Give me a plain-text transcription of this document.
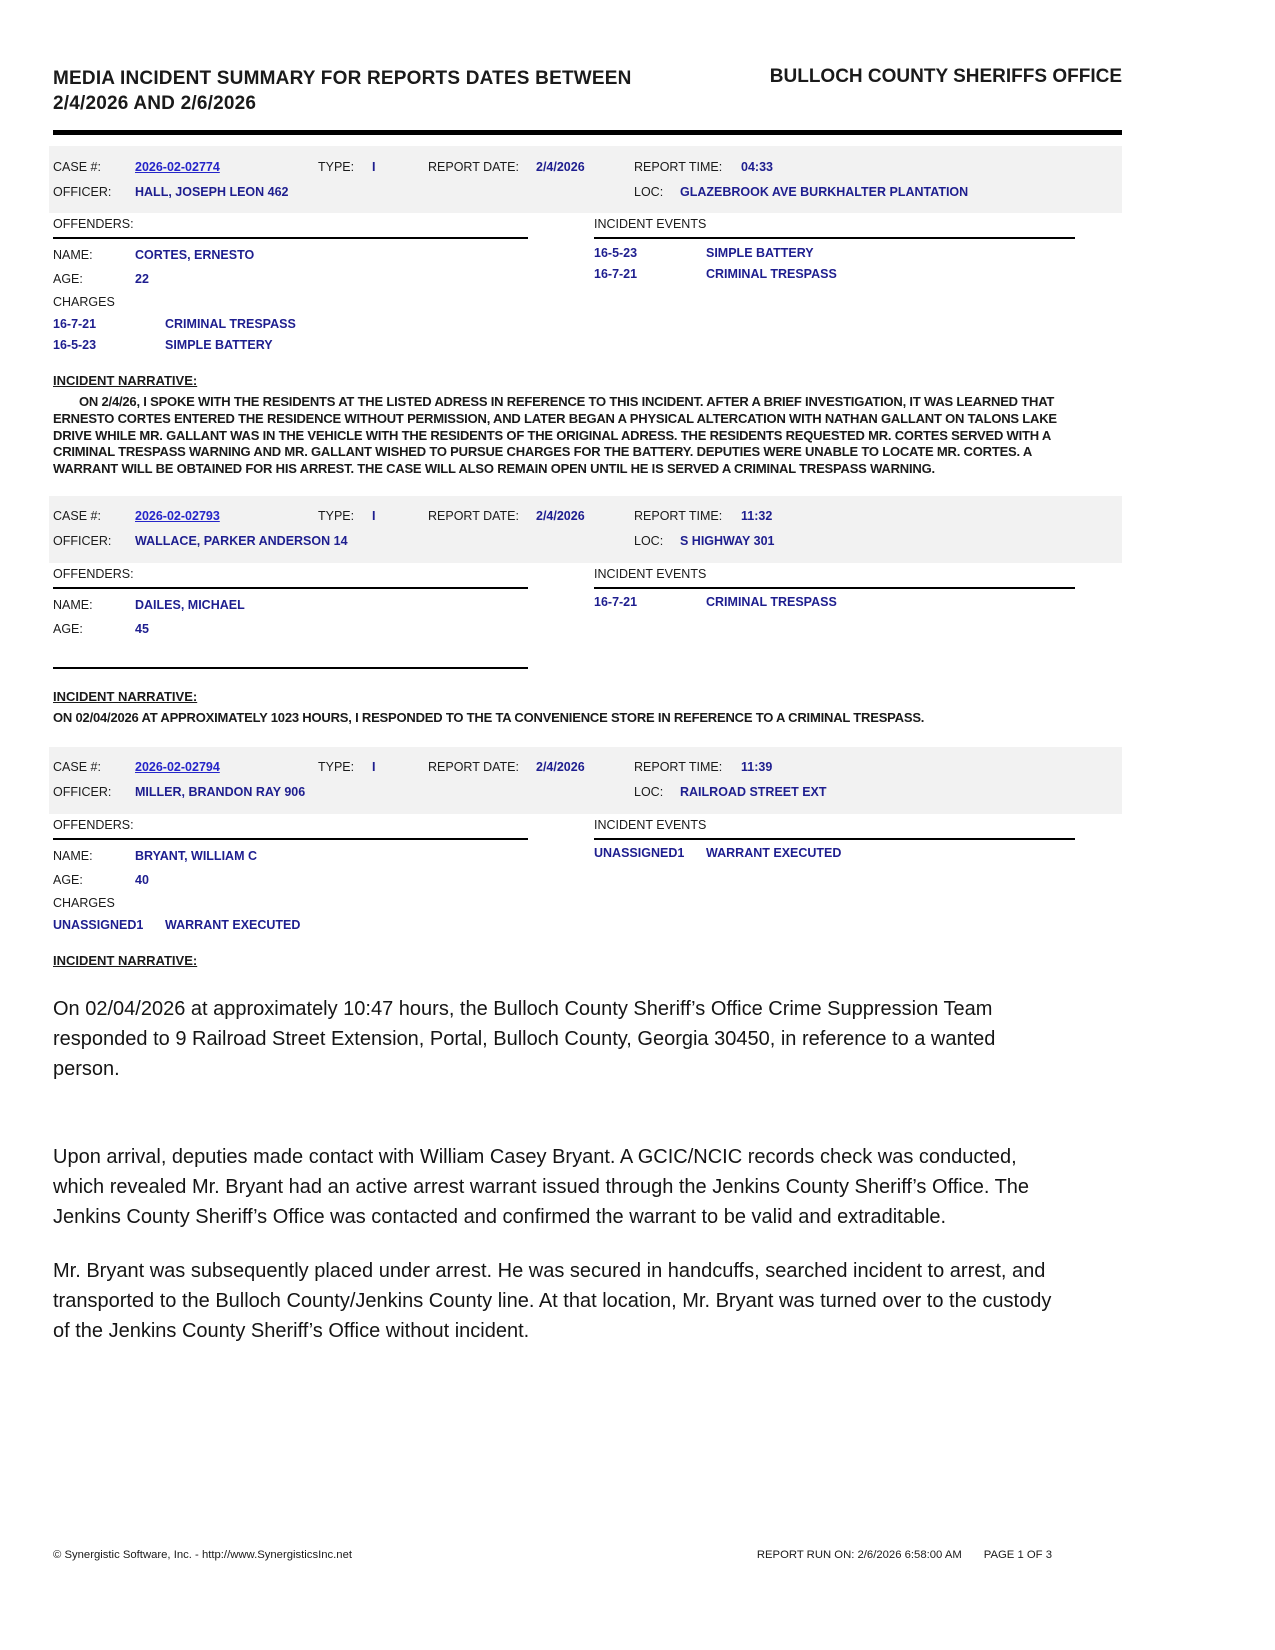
MEDIA INCIDENT SUMMARY FOR REPORTS DATES BETWEEN 2/4/2026 AND 2/6/2026
BULLOCH COUNTY SHERIFFS OFFICE
CASE #:	2026-02-02774	TYPE:	I	REPORT DATE:	2/4/2026	REPORT TIME:	04:33
OFFICER:	HALL, JOSEPH LEON 462	LOC:	GLAZEBROOK AVE BURKHALTER PLANTATION
OFFENDERS:
NAME:	CORTES, ERNESTO
AGE:	22
CHARGES
16-7-21	CRIMINAL TRESPASS
16-5-23	SIMPLE BATTERY
INCIDENT EVENTS
16-5-23	SIMPLE BATTERY
16-7-21	CRIMINAL TRESPASS
INCIDENT NARRATIVE:
ON 2/4/26, I SPOKE WITH THE RESIDENTS AT THE LISTED ADRESS IN REFERENCE TO THIS INCIDENT. AFTER A BRIEF INVESTIGATION, IT WAS LEARNED THAT ERNESTO CORTES ENTERED THE RESIDENCE WITHOUT PERMISSION, AND LATER BEGAN A PHYSICAL ALTERCATION WITH NATHAN GALLANT ON TALONS LAKE DRIVE WHILE MR. GALLANT WAS IN THE VEHICLE WITH THE RESIDENTS OF THE ORIGINAL ADRESS. THE RESIDENTS REQUESTED MR. CORTES SERVED WITH A CRIMINAL TRESPASS WARNING AND MR. GALLANT WISHED TO PURSUE CHARGES FOR THE BATTERY. DEPUTIES WERE UNABLE TO LOCATE MR. CORTES. A WARRANT WILL BE OBTAINED FOR HIS ARREST. THE CASE WILL ALSO REMAIN OPEN UNTIL HE IS SERVED A CRIMINAL TRESPASS WARNING.
CASE #:	2026-02-02793	TYPE:	I	REPORT DATE:	2/4/2026	REPORT TIME:	11:32
OFFICER:	WALLACE, PARKER ANDERSON 14	LOC:	S HIGHWAY 301
OFFENDERS:
NAME:	DAILES, MICHAEL
AGE:	45
INCIDENT EVENTS
16-7-21	CRIMINAL TRESPASS
INCIDENT NARRATIVE:
ON 02/04/2026 AT APPROXIMATELY 1023 HOURS, I RESPONDED TO THE TA CONVENIENCE STORE IN REFERENCE TO A CRIMINAL TRESPASS.
CASE #:	2026-02-02794	TYPE:	I	REPORT DATE:	2/4/2026	REPORT TIME:	11:39
OFFICER:	MILLER, BRANDON RAY 906	LOC:	RAILROAD STREET EXT
OFFENDERS:
NAME:	BRYANT, WILLIAM C
AGE:	40
CHARGES
UNASSIGNED1	WARRANT EXECUTED
INCIDENT EVENTS
UNASSIGNED1	WARRANT EXECUTED
INCIDENT NARRATIVE:

On 02/04/2026 at approximately 10:47 hours, the Bulloch County Sheriff’s Office Crime Suppression Team responded to 9 Railroad Street Extension, Portal, Bulloch County, Georgia 30450, in reference to a wanted person.

Upon arrival, deputies made contact with William Casey Bryant. A GCIC/NCIC records check was conducted, which revealed Mr. Bryant had an active arrest warrant issued through the Jenkins County Sheriff’s Office. The Jenkins County Sheriff’s Office was contacted and confirmed the warrant to be valid and extraditable.

Mr. Bryant was subsequently placed under arrest. He was secured in handcuffs, searched incident to arrest, and transported to the Bulloch County/Jenkins County line. At that location, Mr. Bryant was turned over to the custody of the Jenkins County Sheriff’s Office without incident.

© Synergistic Software, Inc. - http://www.SynergisticsInc.net	REPORT RUN ON: 2/6/2026 6:58:00 AM PAGE 1 OF 3
